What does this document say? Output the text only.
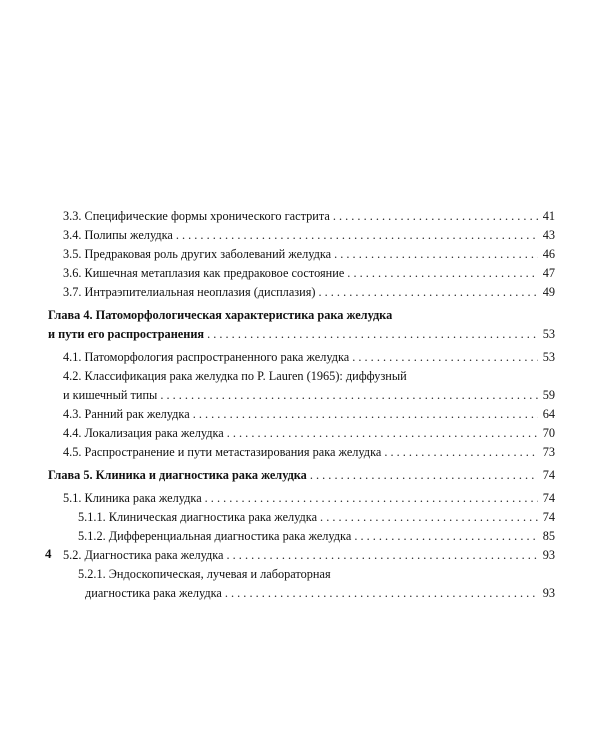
3.3. Специфические формы хронического гастрита . . .	41
3.4. Полипы желудка . . .	43
3.5. Предраковая роль других заболеваний желудка . . .	46
3.6. Кишечная метаплазия как предраковое состояние . . .	47
3.7. Интраэпителиальная неоплазия (дисплазия) . . .	49
Глава 4. Патоморфологическая характеристика рака желудка
и пути его распространения . . .	53
4.1. Патоморфология распространенного рака желудка . . .	53
4.2. Классификация рака желудка по P. Lauren (1965): диффузный
и кишечный типы . . .	59
4.3. Ранний рак желудка . . .	64
4.4. Локализация рака желудка . . .	70
4.5. Распространение и пути метастазирования рака желудка . . .	73
Глава 5. Клиника и диагностика рака желудка . . .	74
5.1. Клиника рака желудка . . .	74
5.1.1. Клиническая диагностика рака желудка . . .	74
5.1.2. Дифференциальная диагностика рака желудка . . .	85
5.2. Диагностика рака желудка . . .	93
5.2.1. Эндоскопическая, лучевая и лабораторная
диагностика рака желудка . . .	93
4
